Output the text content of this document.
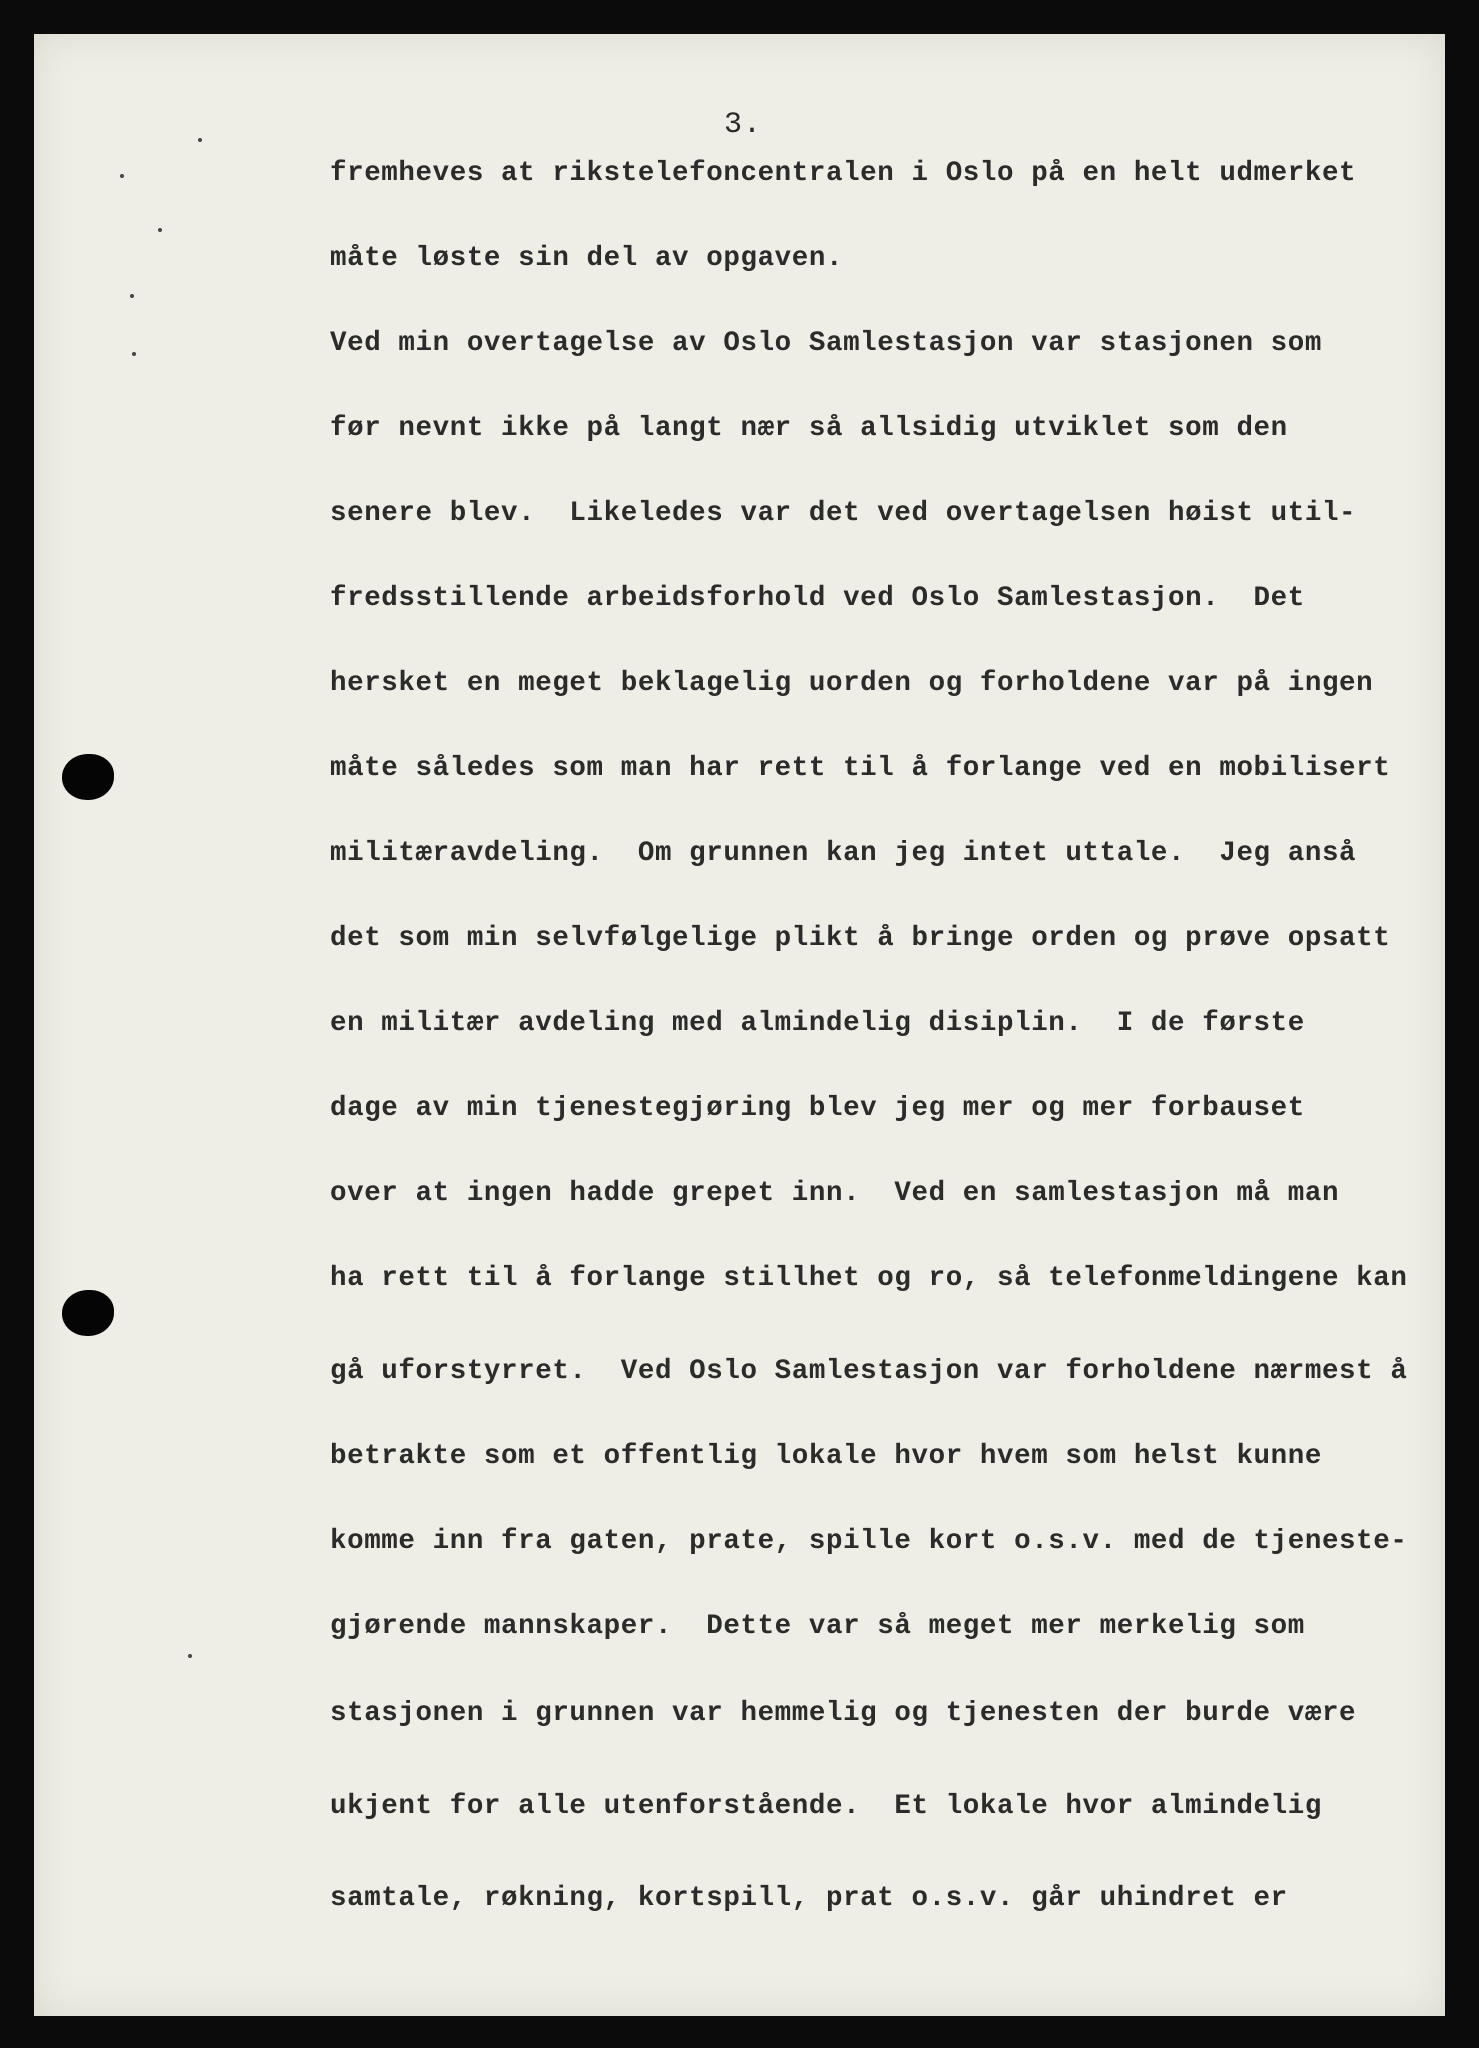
3.
fremheves at rikstelefoncentralen i Oslo på en helt udmerket
måte løste sin del av opgaven.
Ved min overtagelse av Oslo Samlestasjon var stasjonen som
før nevnt ikke på langt nær så allsidig utviklet som den
senere blev.  Likeledes var det ved overtagelsen høist util-
fredsstillende arbeidsforhold ved Oslo Samlestasjon.  Det
hersket en meget beklagelig uorden og forholdene var på ingen
måte således som man har rett til å forlange ved en mobilisert
militæravdeling.  Om grunnen kan jeg intet uttale.  Jeg anså
det som min selvfølgelige plikt å bringe orden og prøve opsatt
en militær avdeling med almindelig disiplin.  I de første
dage av min tjenestegjøring blev jeg mer og mer forbauset
over at ingen hadde grepet inn.  Ved en samlestasjon må man
ha rett til å forlange stillhet og ro, så telefonmeldingene kan
gå uforstyrret.  Ved Oslo Samlestasjon var forholdene nærmest å
betrakte som et offentlig lokale hvor hvem som helst kunne
komme inn fra gaten, prate, spille kort o.s.v. med de tjeneste-
gjørende mannskaper.  Dette var så meget mer merkelig som
stasjonen i grunnen var hemmelig og tjenesten der burde være
ukjent for alle utenforstående.  Et lokale hvor almindelig
samtale, røkning, kortspill, prat o.s.v. går uhindret er
